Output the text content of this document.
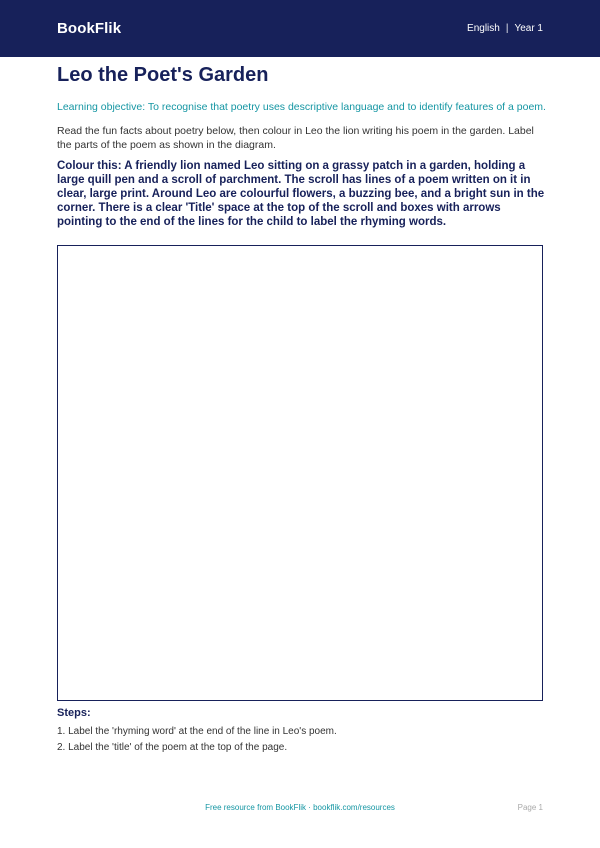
BookFlik	English | Year 1
Leo the Poet's Garden

Learning objective: To recognise that poetry uses descriptive language and to identify features of a poem.

Read the fun facts about poetry below, then colour in Leo the lion writing his poem in the garden. Label the parts of the poem as shown in the diagram.

Colour this: A friendly lion named Leo sitting on a grassy patch in a garden, holding a large quill pen and a scroll of parchment. The scroll has lines of a poem written on it in clear, large print. Around Leo are colourful flowers, a buzzing bee, and a bright sun in the corner. There is a clear 'Title' space at the top of the scroll and boxes with arrows pointing to the end of the lines for the child to label the rhyming words.

Steps:
1. Label the 'rhyming word' at the end of the line in Leo's poem.
2. Label the 'title' of the poem at the top of the page.
Free resource from BookFlik · bookflik.com/resources	Page 1
